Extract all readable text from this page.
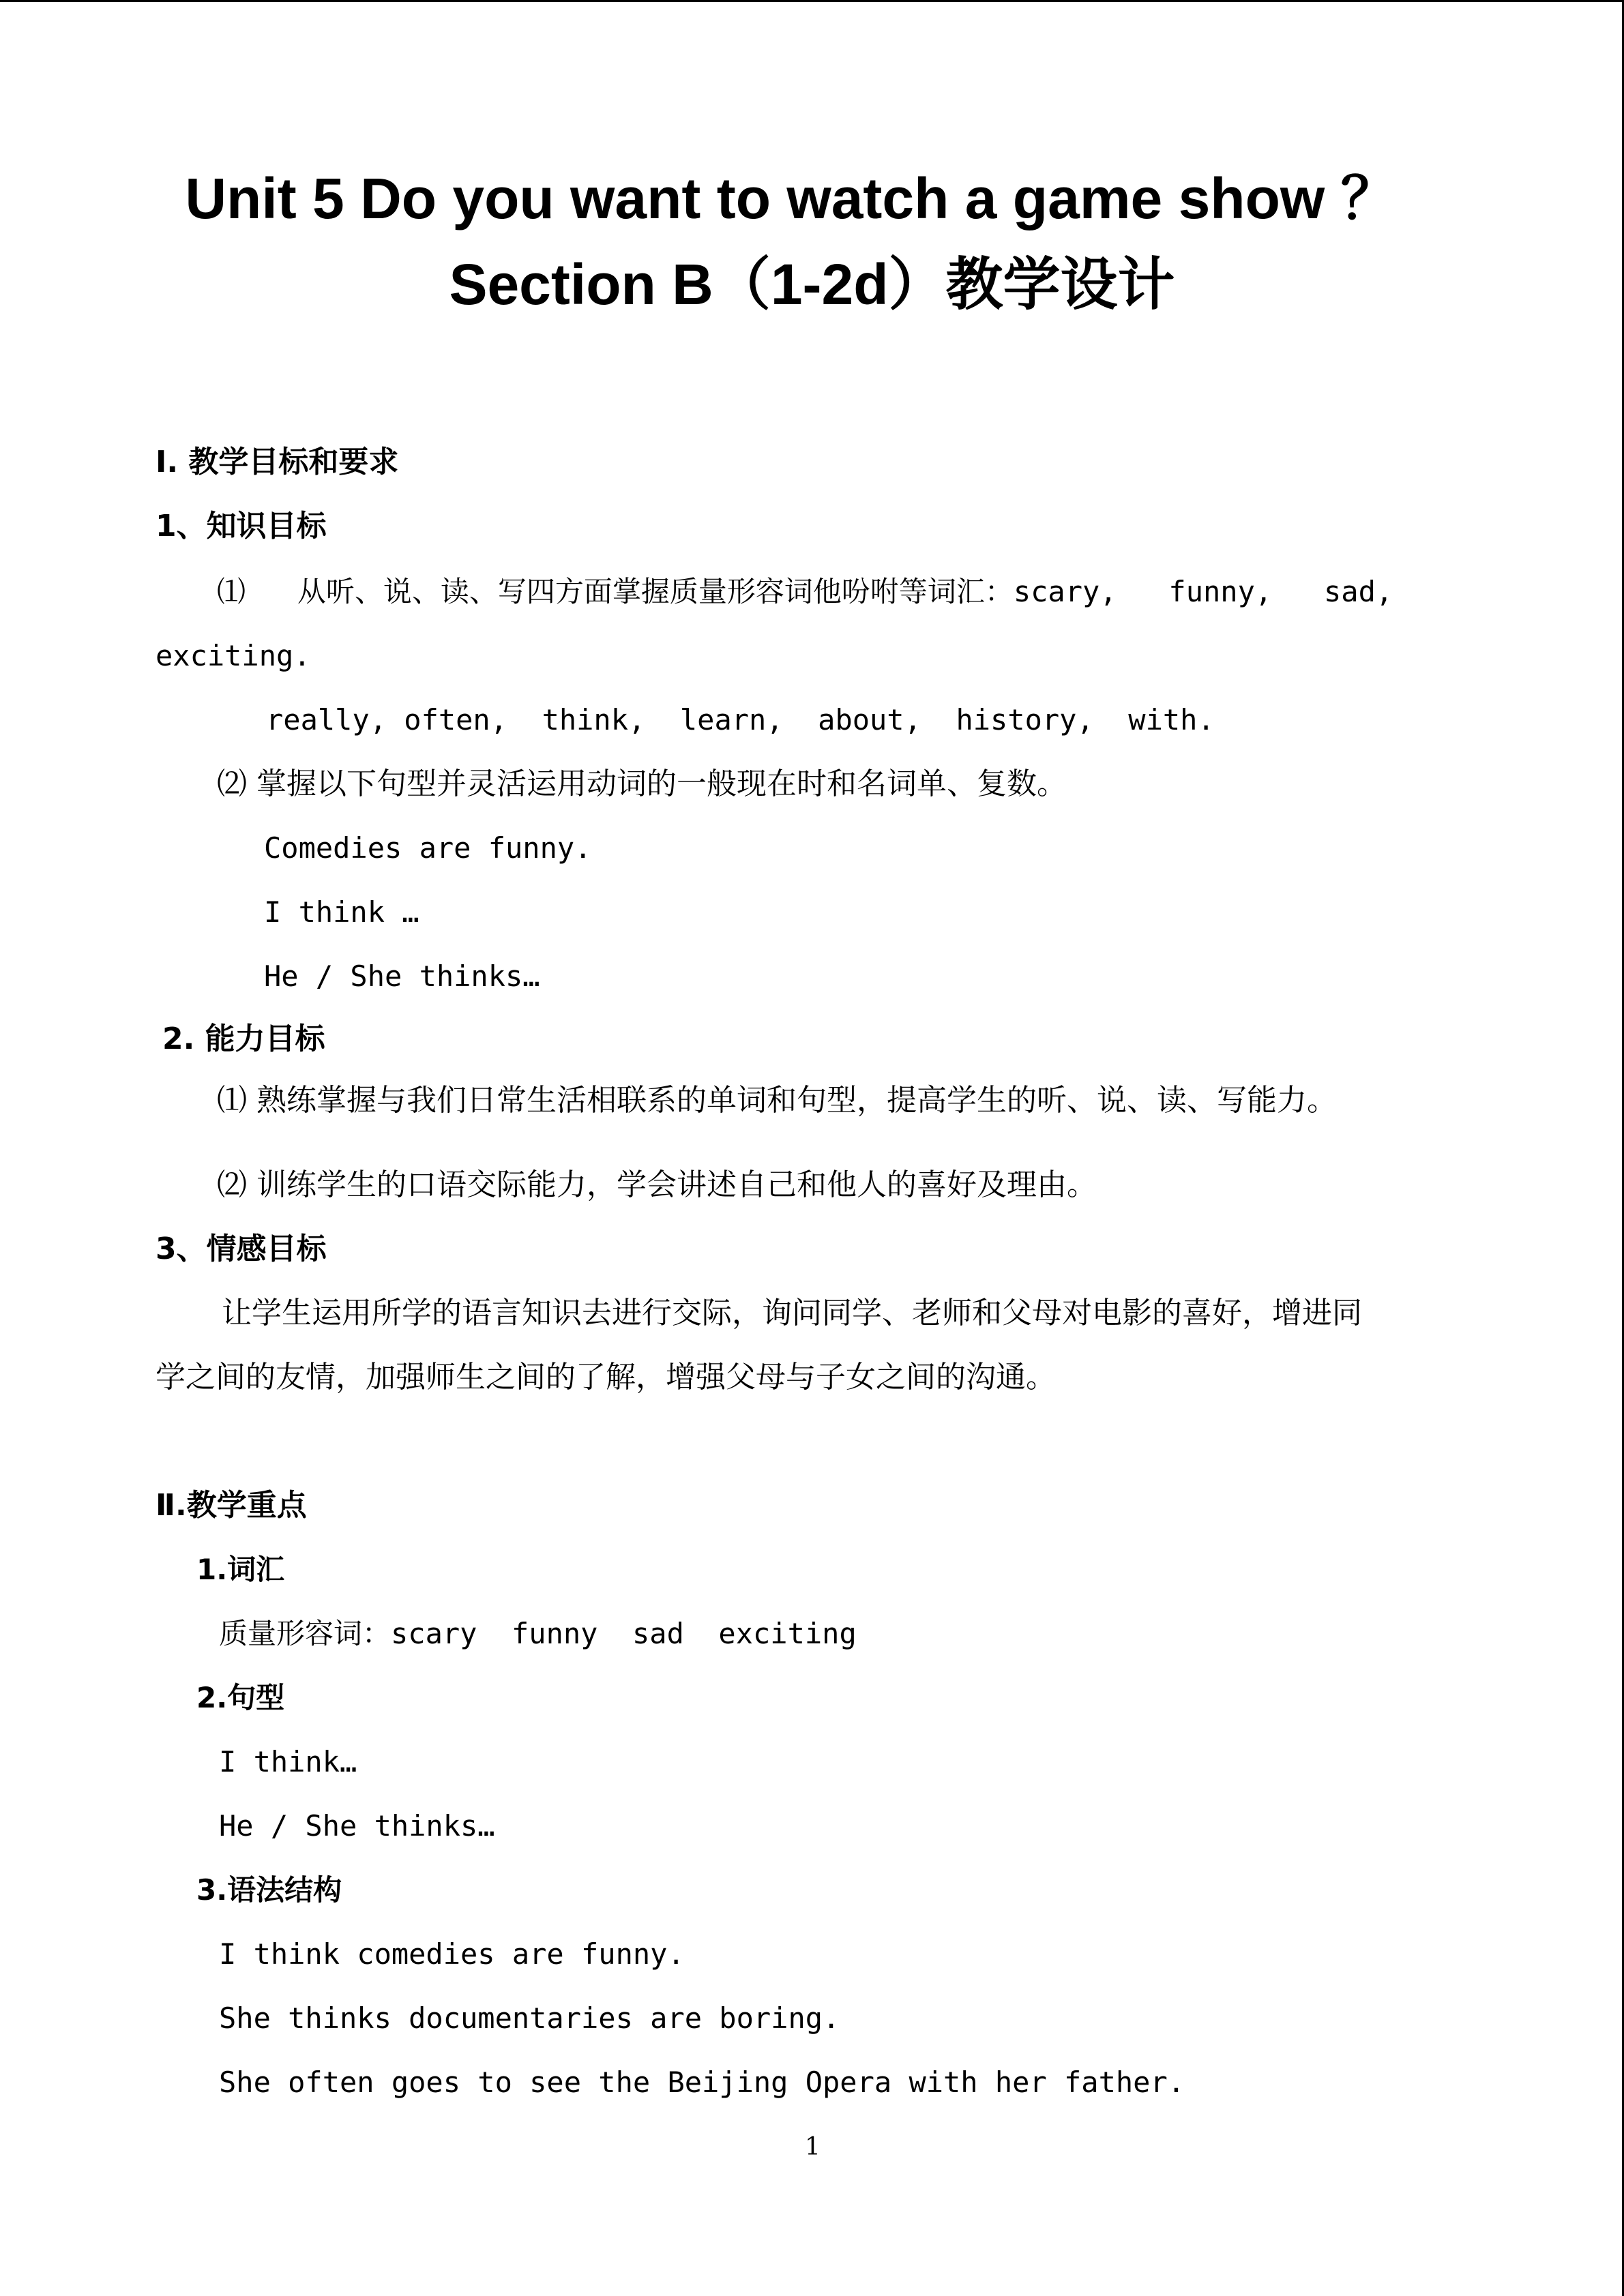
Unit 5 Do you want to watch a game show ？
Section B（1-2d）教学设计
Ⅰ. 教学目标和要求
1、知识目标
⑴   从听、说、读、写四方面掌握质量形容词他吩咐等词汇：scary,   funny,   sad,
exciting.
really, often,  think,  learn,  about,  history,  with.
⑵ 掌握以下句型并灵活运用动词的一般现在时和名词单、复数。
Comedies are funny.
I think …
He / She thinks…
2. 能力目标
⑴ 熟练掌握与我们日常生活相联系的单词和句型，提高学生的听、说、读、写能力。
⑵ 训练学生的口语交际能力，学会讲述自己和他人的喜好及理由。
3、情感目标
让学生运用所学的语言知识去进行交际，询问同学、老师和父母对电影的喜好，增进同
学之间的友情，加强师生之间的了解，增强父母与子女之间的沟通。
Ⅱ.教学重点
1.词汇
质量形容词：scary  funny  sad  exciting
2.句型
I think…
He / She thinks…
3.语法结构
I think comedies are funny.
She thinks documentaries are boring.
She often goes to see the Beijing Opera with her father.
1
